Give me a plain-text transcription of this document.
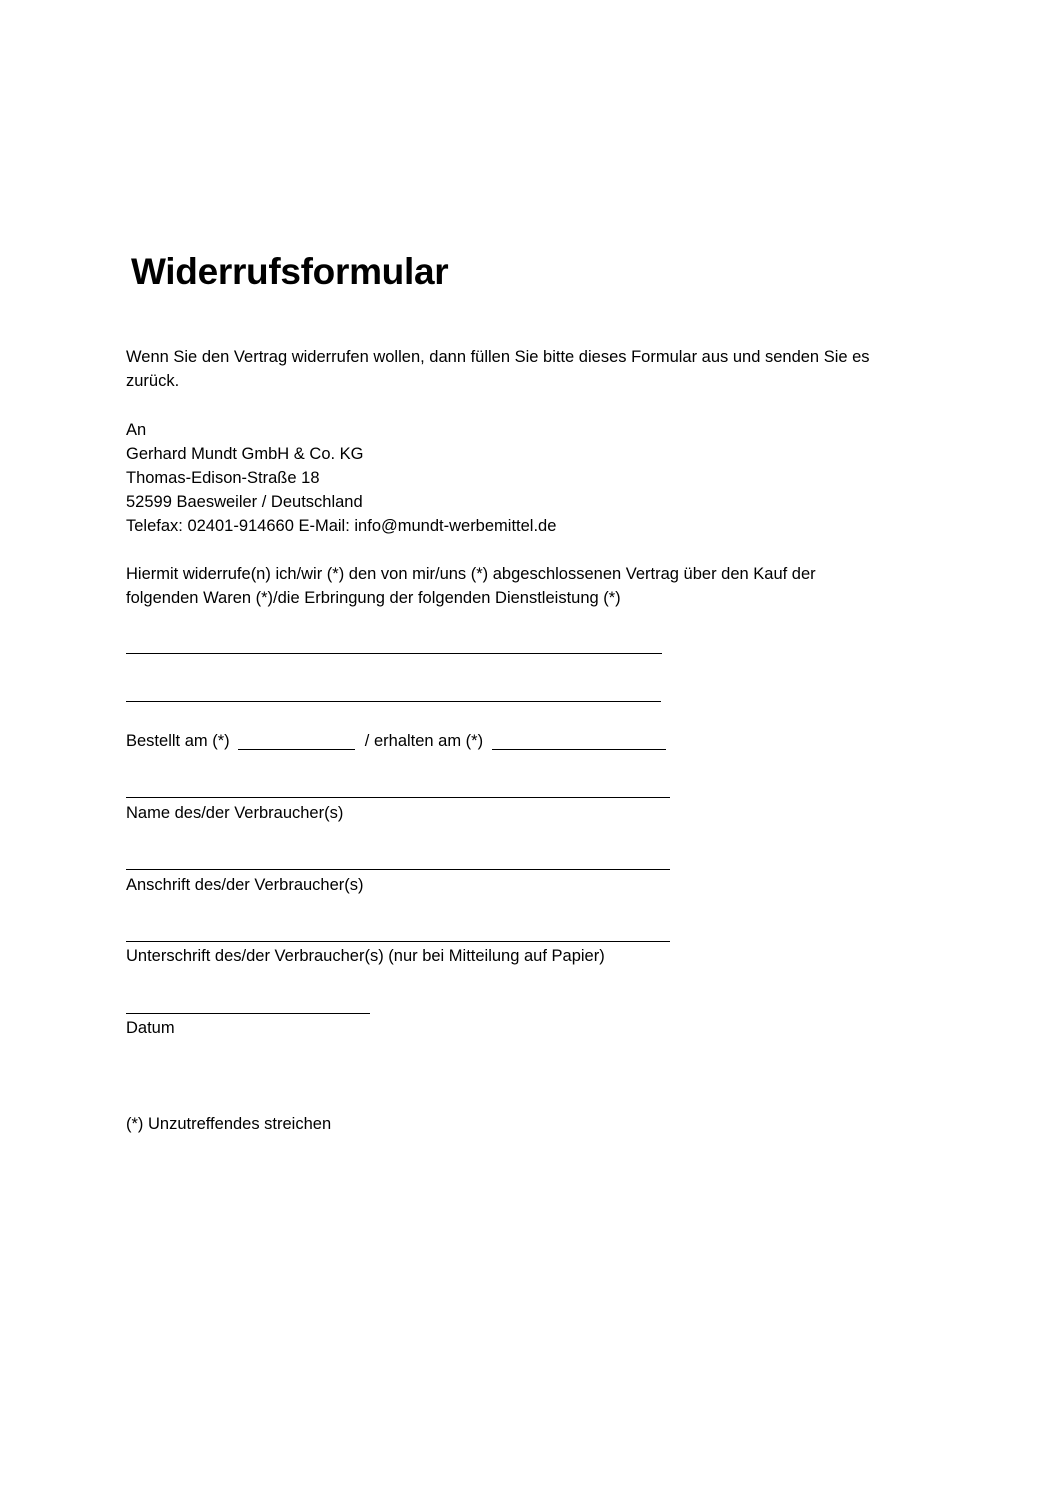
Widerrufsformular
Wenn Sie den Vertrag widerrufen wollen, dann füllen Sie bitte dieses Formular aus und senden Sie es
zurück.
An
Gerhard Mundt GmbH & Co. KG
Thomas-Edison-Straße 18
52599 Baesweiler / Deutschland
Telefax: 02401-914660 E-Mail: info@mundt-werbemittel.de
Hiermit widerrufe(n) ich/wir (*) den von mir/uns (*) abgeschlossenen Vertrag über den Kauf der
folgenden Waren (*)/die Erbringung der folgenden Dienstleistung (*)
Bestellt am (*)	/ erhalten am (*)
Name des/der Verbraucher(s)
Anschrift des/der Verbraucher(s)
Unterschrift des/der Verbraucher(s) (nur bei Mitteilung auf Papier)
Datum
(*) Unzutreffendes streichen
